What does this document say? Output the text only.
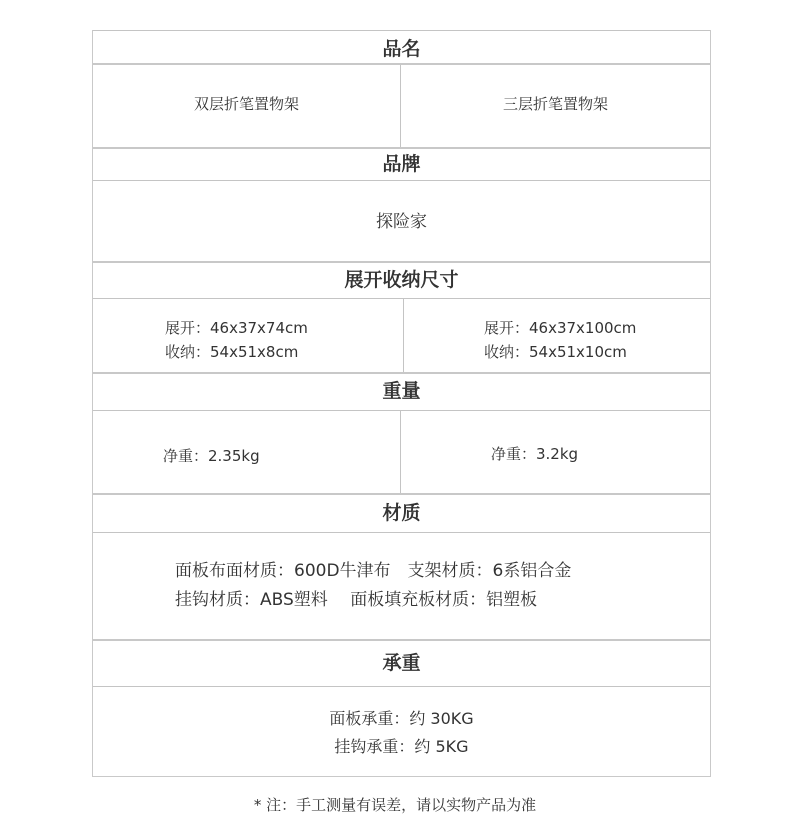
品名
双层折笔置物架	三层折笔置物架
品牌
探险家
展开收纳尺寸
展开：46x37x74cm
收纳：54x51x8cm
展开：46x37x100cm
收纳：54x51x10cm
重量
净重：2.35kg	净重：3.2kg
材质
面板布面材质：600D牛津布　支架材质：6系铝合金
挂钩材质：ABS塑料　 面板填充板材质：铝塑板
承重
面板承重：约 30KG
挂钩承重：约 5KG
* 注：手工测量有误差，请以实物产品为准
